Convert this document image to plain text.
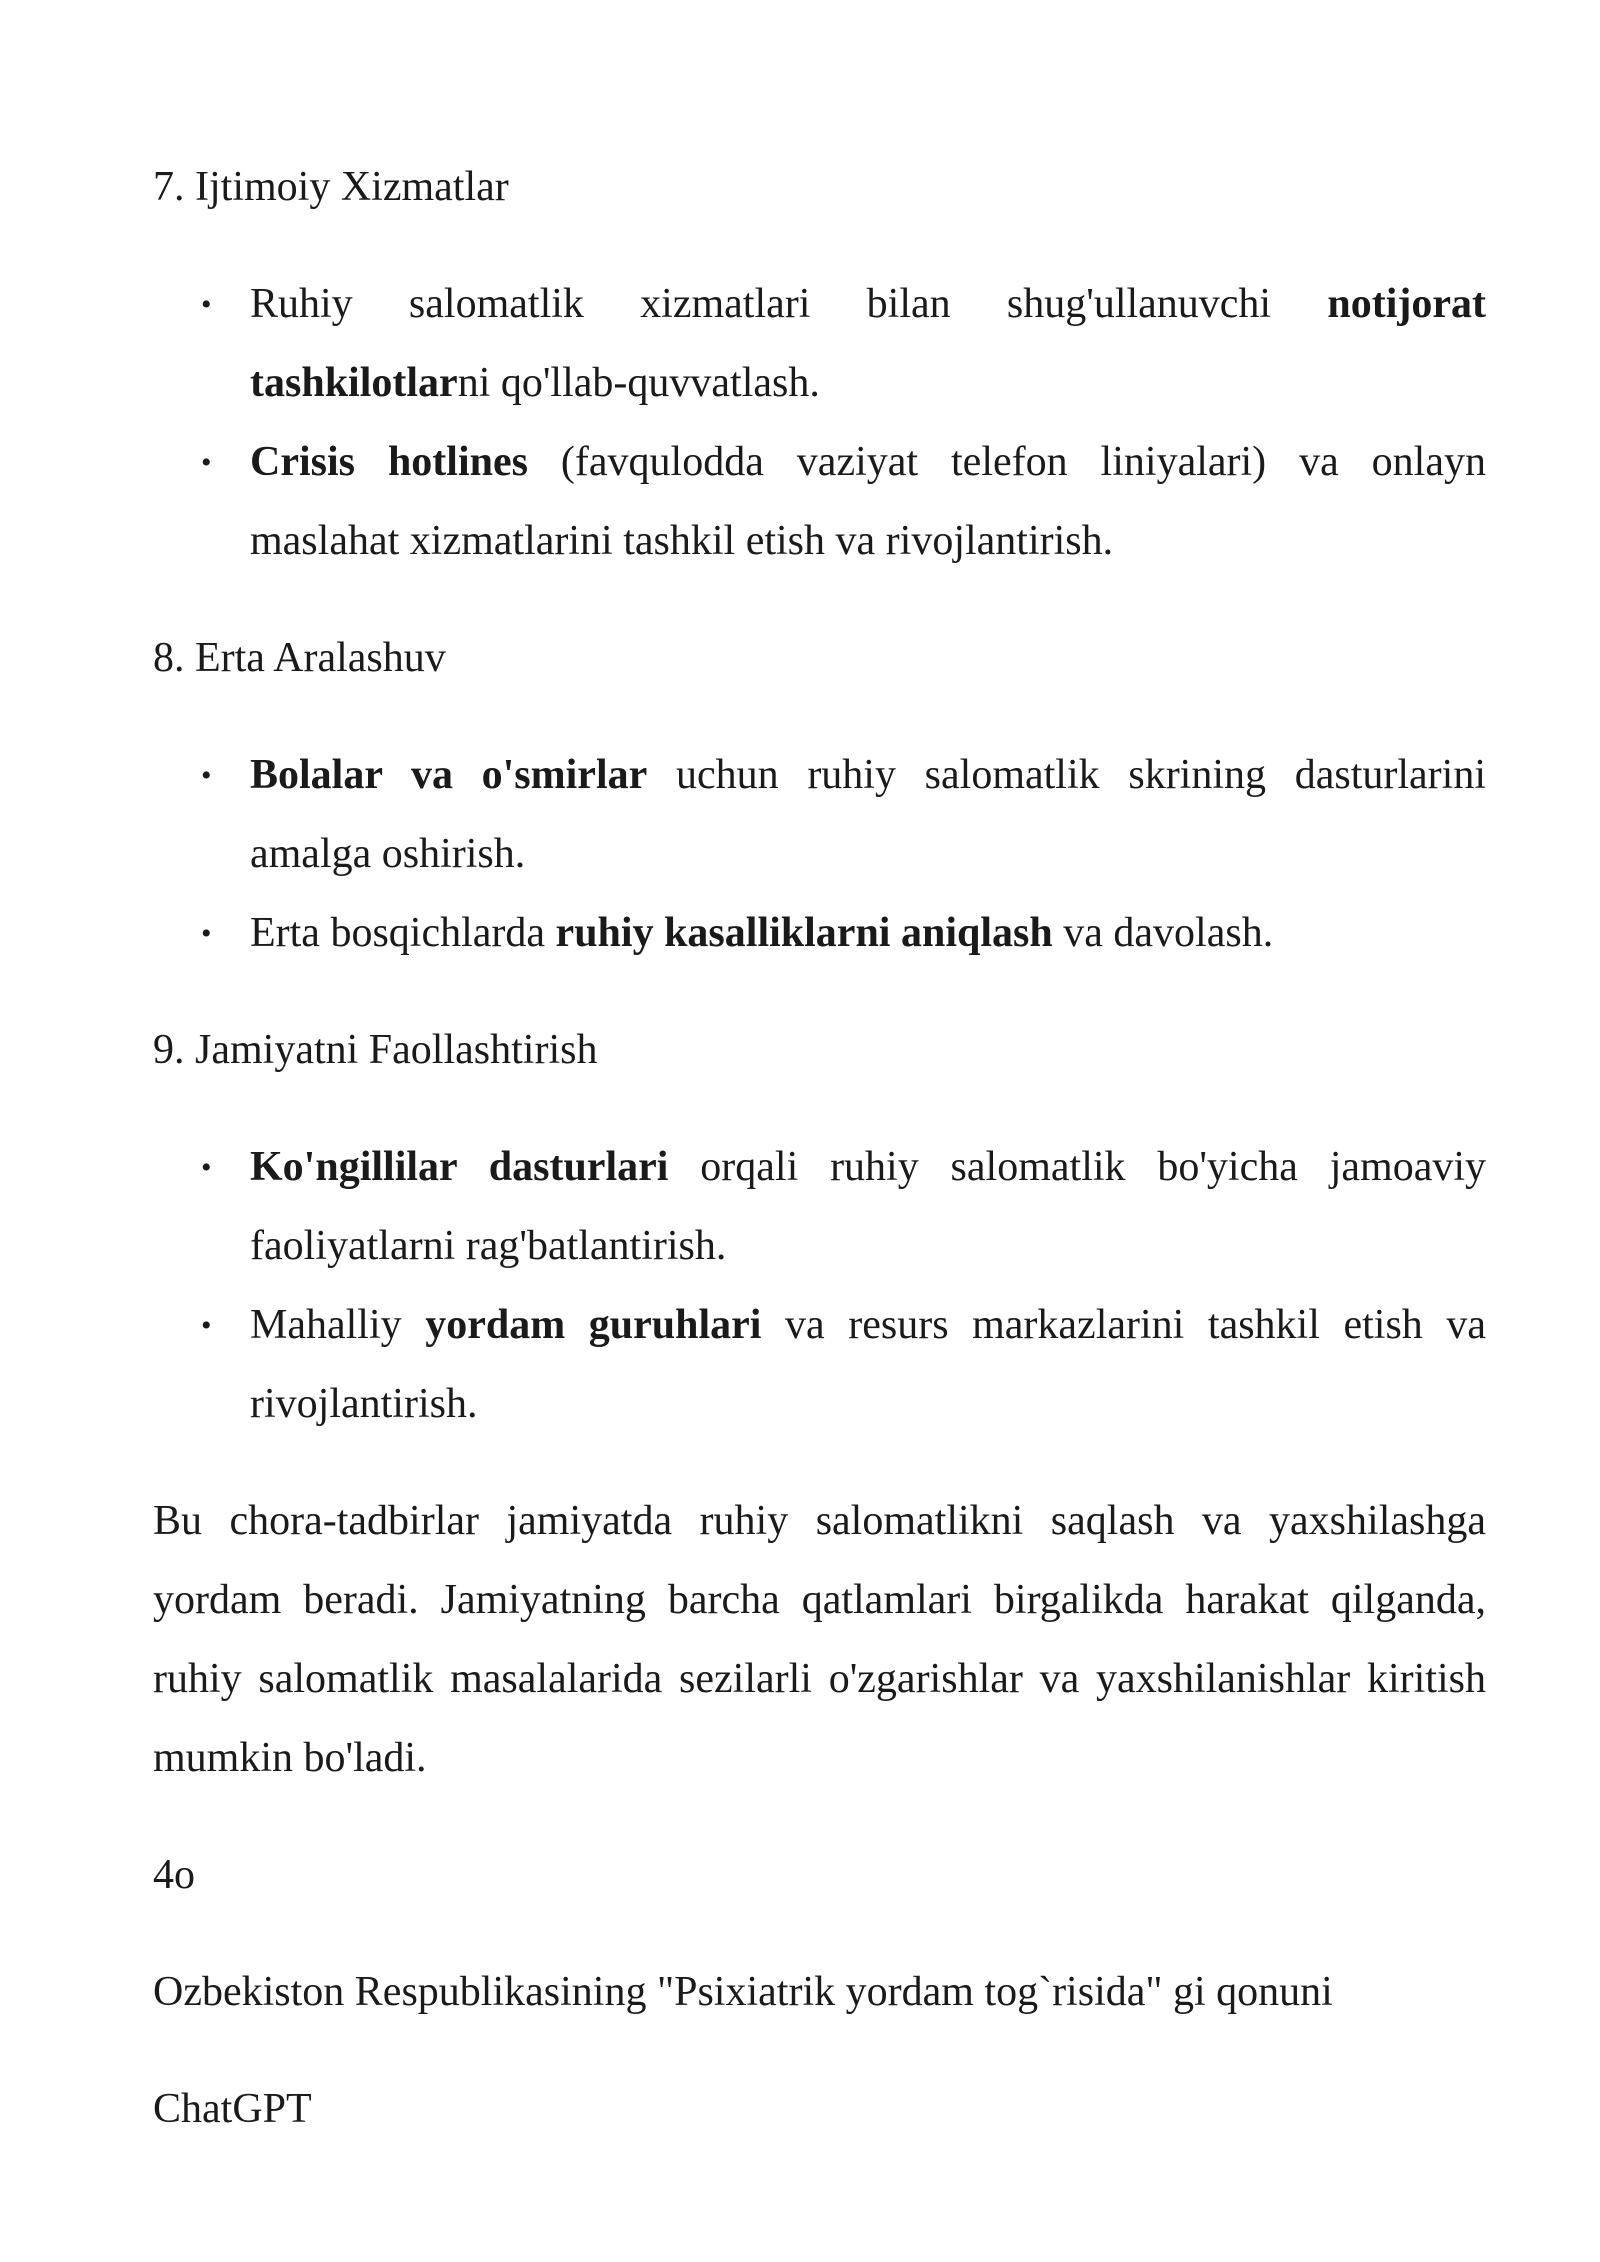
7. Ijtimoiy Xizmatlar
• Ruhiy salomatlik xizmatlari bilan shug'ullanuvchi notijorat tashkilotlarni qo'llab-quvvatlash.
• Crisis hotlines (favqulodda vaziyat telefon liniyalari) va onlayn maslahat xizmatlarini tashkil etish va rivojlantirish.
8. Erta Aralashuv
• Bolalar va o'smirlar uchun ruhiy salomatlik skrining dasturlarini amalga oshirish.
• Erta bosqichlarda ruhiy kasalliklarni aniqlash va davolash.
9. Jamiyatni Faollashtirish
• Ko'ngillilar dasturlari orqali ruhiy salomatlik bo'yicha jamoaviy faoliyatlarni rag'batlantirish.
• Mahalliy yordam guruhlari va resurs markazlarini tashkil etish va rivojlantirish.

Bu chora-tadbirlar jamiyatda ruhiy salomatlikni saqlash va yaxshilashga yordam beradi. Jamiyatning barcha qatlamlari birgalikda harakat qilganda, ruhiy salomatlik masalalarida sezilarli o'zgarishlar va yaxshilanishlar kiritish mumkin bo'ladi.

4o

Ozbekiston Respublikasining "Psixiatrik yordam tog`risida" gi qonuni

ChatGPT
